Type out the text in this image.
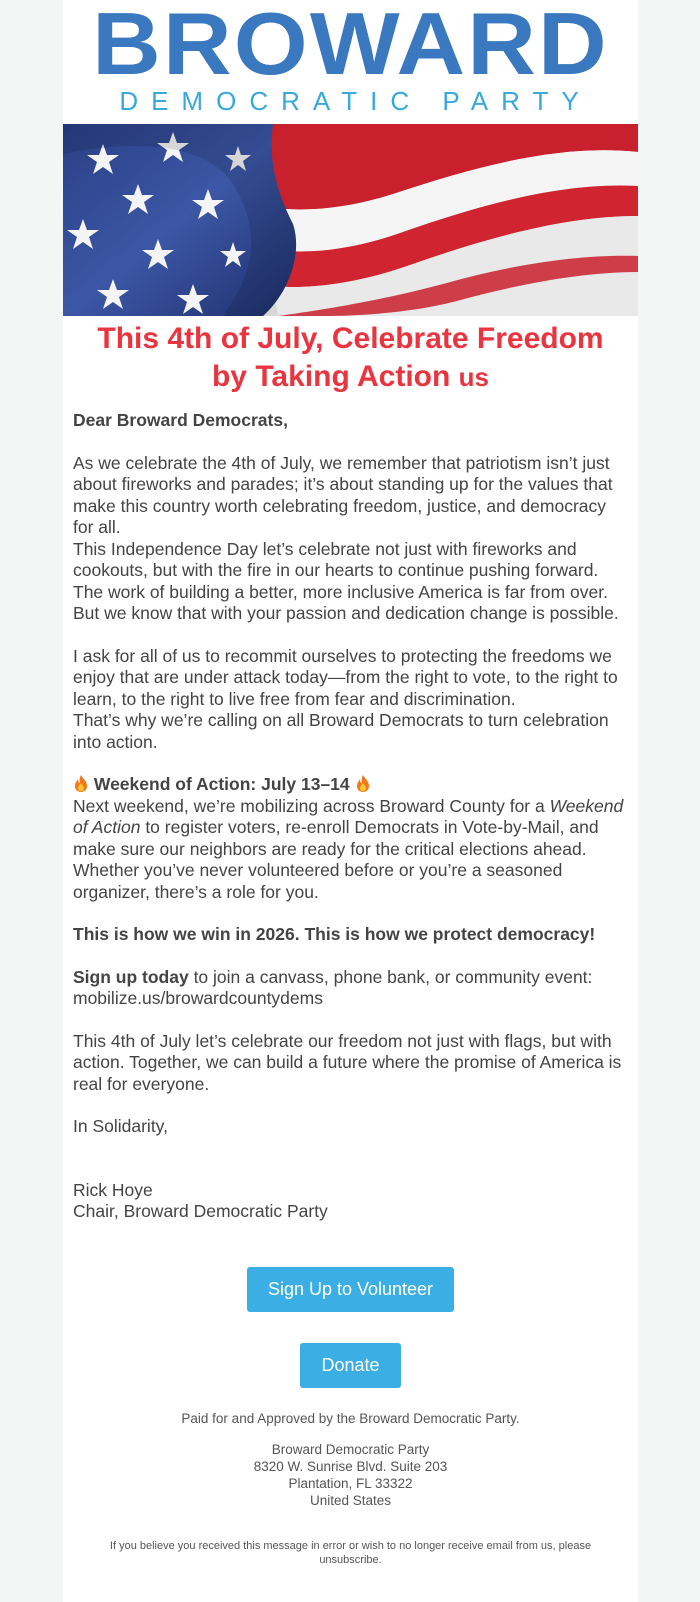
BROWARD
DEMOCRATIC PARTY
This 4th of July, Celebrate Freedom
by Taking Action us

Dear Broward Democrats,

As we celebrate the 4th of July, we remember that patriotism isn’t just about fireworks and parades; it’s about standing up for the values that make this country worth celebrating freedom, justice, and democracy for all.

This Independence Day let’s celebrate not just with fireworks and cookouts, but with the fire in our hearts to continue pushing forward. The work of building a better, more inclusive America is far from over. But we know that with your passion and dedication change is possible.

I ask for all of us to recommit ourselves to protecting the freedoms we enjoy that are under attack today—from the right to vote, to the right to learn, to the right to live free from fear and discrimination.

That’s why we’re calling on all Broward Democrats to turn celebration into action.

Weekend of Action: July 13–14

Next weekend, we’re mobilizing across Broward County for a Weekend of Action to register voters, re-enroll Democrats in Vote-by-Mail, and make sure our neighbors are ready for the critical elections ahead. Whether you’ve never volunteered before or you’re a seasoned organizer, there’s a role for you.

This is how we win in 2026. This is how we protect democracy!

Sign up today to join a canvass, phone bank, or community event:

mobilize.us/browardcountydems

This 4th of July let’s celebrate our freedom not just with flags, but with action. Together, we can build a future where the promise of America is real for everyone.

In Solidarity,

Rick Hoye

Chair, Broward Democratic Party

Sign Up to Volunteer
Donate
Paid for and Approved by the Broward Democratic Party.
Broward Democratic Party
8320 W. Sunrise Blvd. Suite 203
Plantation, FL 33322
United States
If you believe you received this message in error or wish to no longer receive email from us, please unsubscribe.
